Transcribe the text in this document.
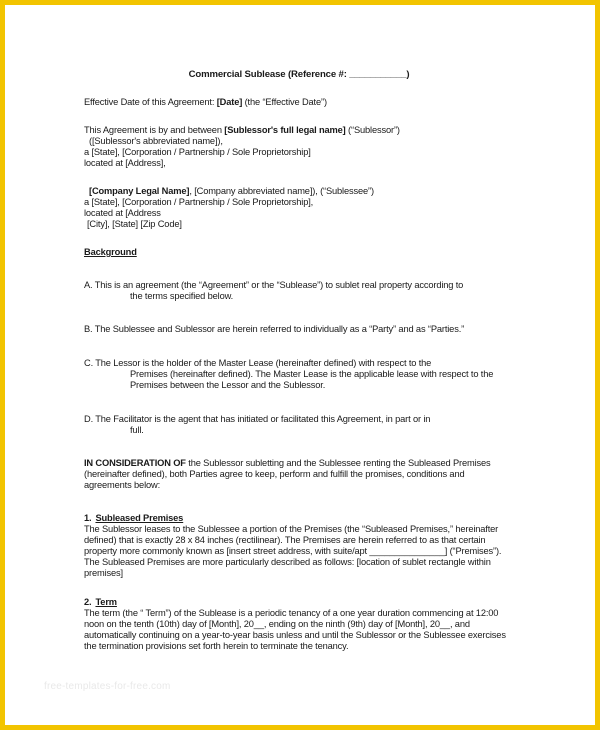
Commercial Sublease (Reference #: ___________)

Effective Date of this Agreement: [Date] (the “Effective Date”)

This Agreement is by and between [Sublessor's full legal name] (“Sublessor”)

([Sublessor's abbreviated name]),

a [State], [Corporation / Partnership / Sole Proprietorship]

located at [Address],

[Company Legal Name], [Company abbreviated name]), (“Sublessee”)

a [State], [Corporation / Partnership / Sole Proprietorship],

located at [Address

[City], [State] [Zip Code]

Background

A. This is an agreement (the “Agreement” or the “Sublease”) to sublet real property according to

the terms specified below.

B. The Sublessee and Sublessor are herein referred to individually as a “Party” and as “Parties.”

C. The Lessor is the holder of the Master Lease (hereinafter defined) with respect to the

Premises (hereinafter defined). The Master Lease is the applicable lease with respect to the Premises between the Lessor and the Sublessor.

D. The Facilitator is the agent that has initiated or facilitated this Agreement, in part or in

full.

IN CONSIDERATION OF the Sublessor subletting and the Sublessee renting the Subleased Premises (hereinafter defined), both Parties agree to keep, perform and fulfill the promises, conditions and agreements below:

1. Subleased Premises

The Sublessor leases to the Sublessee a portion of the Premises (the “Subleased Premises,” hereinafter defined) that is exactly 28 x 84 inches (rectilinear). The Premises are herein referred to as that certain property more commonly known as [insert street address, with suite/apt _______________] (“Premises”). The Subleased Premises are more particularly described as follows: [location of sublet rectangle within premises]

2. Term

The term (the “ Term”) of the Sublease is a periodic tenancy of a one year duration commencing at 12:00 noon on the tenth (10th) day of [Month], 20__, ending on the ninth (9th) day of [Month], 20__, and automatically continuing on a year-to-year basis unless and until the Sublessor or the Sublessee exercises the termination provisions set forth herein to terminate the tenancy.

free-templates-for-free.com
